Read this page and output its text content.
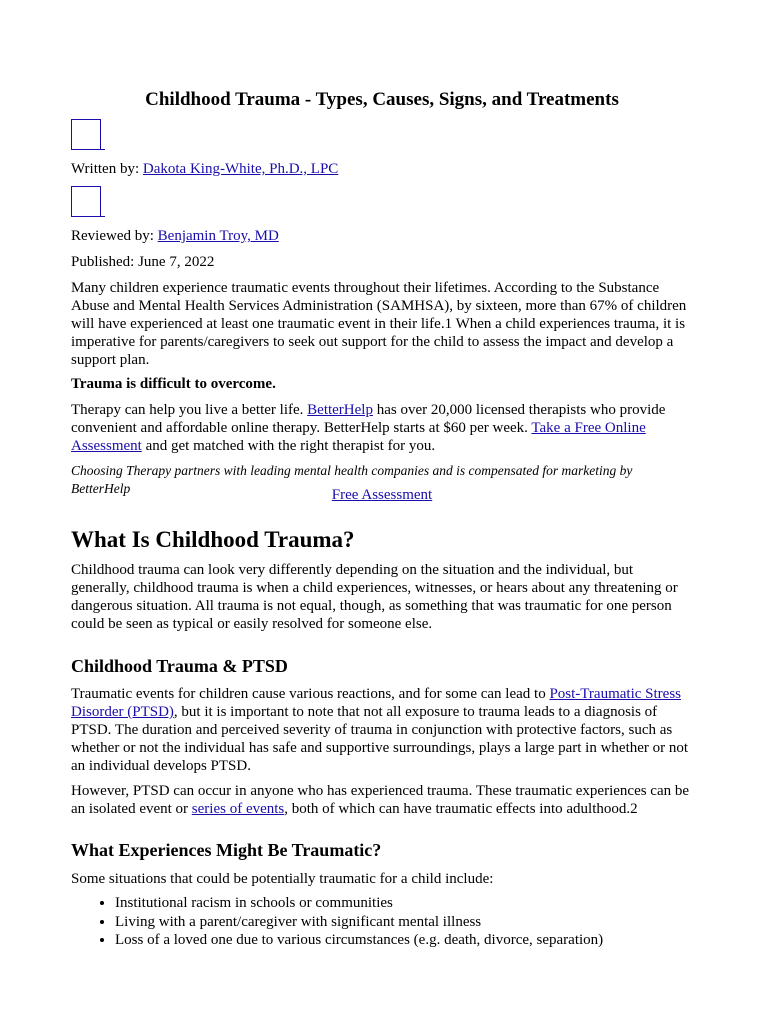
Childhood Trauma - Types, Causes, Signs, and Treatments
Written by: Dakota King-White, Ph.D., LPC
Reviewed by: Benjamin Troy, MD
Published: June 7, 2022

Many children experience traumatic events throughout their lifetimes. According to the Substance Abuse and Mental Health Services Administration (SAMHSA), by sixteen, more than 67% of children will have experienced at least one traumatic event in their life.1 When a child experiences trauma, it is imperative for parents/caregivers to seek out support for the child to assess the impact and develop a support plan.

Trauma is difficult to overcome.

Therapy can help you live a better life. BetterHelp has over 20,000 licensed therapists who provide convenient and affordable online therapy. BetterHelp starts at $60 per week. Take a Free Online Assessment and get matched with the right therapist for you.

Choosing Therapy partners with leading mental health companies and is compensated for marketing by BetterHelp	Free Assessment

What Is Childhood Trauma?

Childhood trauma can look very differently depending on the situation and the individual, but generally, childhood trauma is when a child experiences, witnesses, or hears about any threatening or dangerous situation. All trauma is not equal, though, as something that was traumatic for one person could be seen as typical or easily resolved for someone else.

Childhood Trauma & PTSD

Traumatic events for children cause various reactions, and for some can lead to Post-Traumatic Stress Disorder (PTSD), but it is important to note that not all exposure to trauma leads to a diagnosis of PTSD. The duration and perceived severity of trauma in conjunction with protective factors, such as whether or not the individual has safe and supportive surroundings, plays a large part in whether or not an individual develops PTSD.

However, PTSD can occur in anyone who has experienced trauma. These traumatic experiences can be an isolated event or series of events, both of which can have traumatic effects into adulthood.2

What Experiences Might Be Traumatic?

Some situations that could be potentially traumatic for a child include:

• Institutional racism in schools or communities
• Living with a parent/caregiver with significant mental illness
• Loss of a loved one due to various circumstances (e.g. death, divorce, separation)
